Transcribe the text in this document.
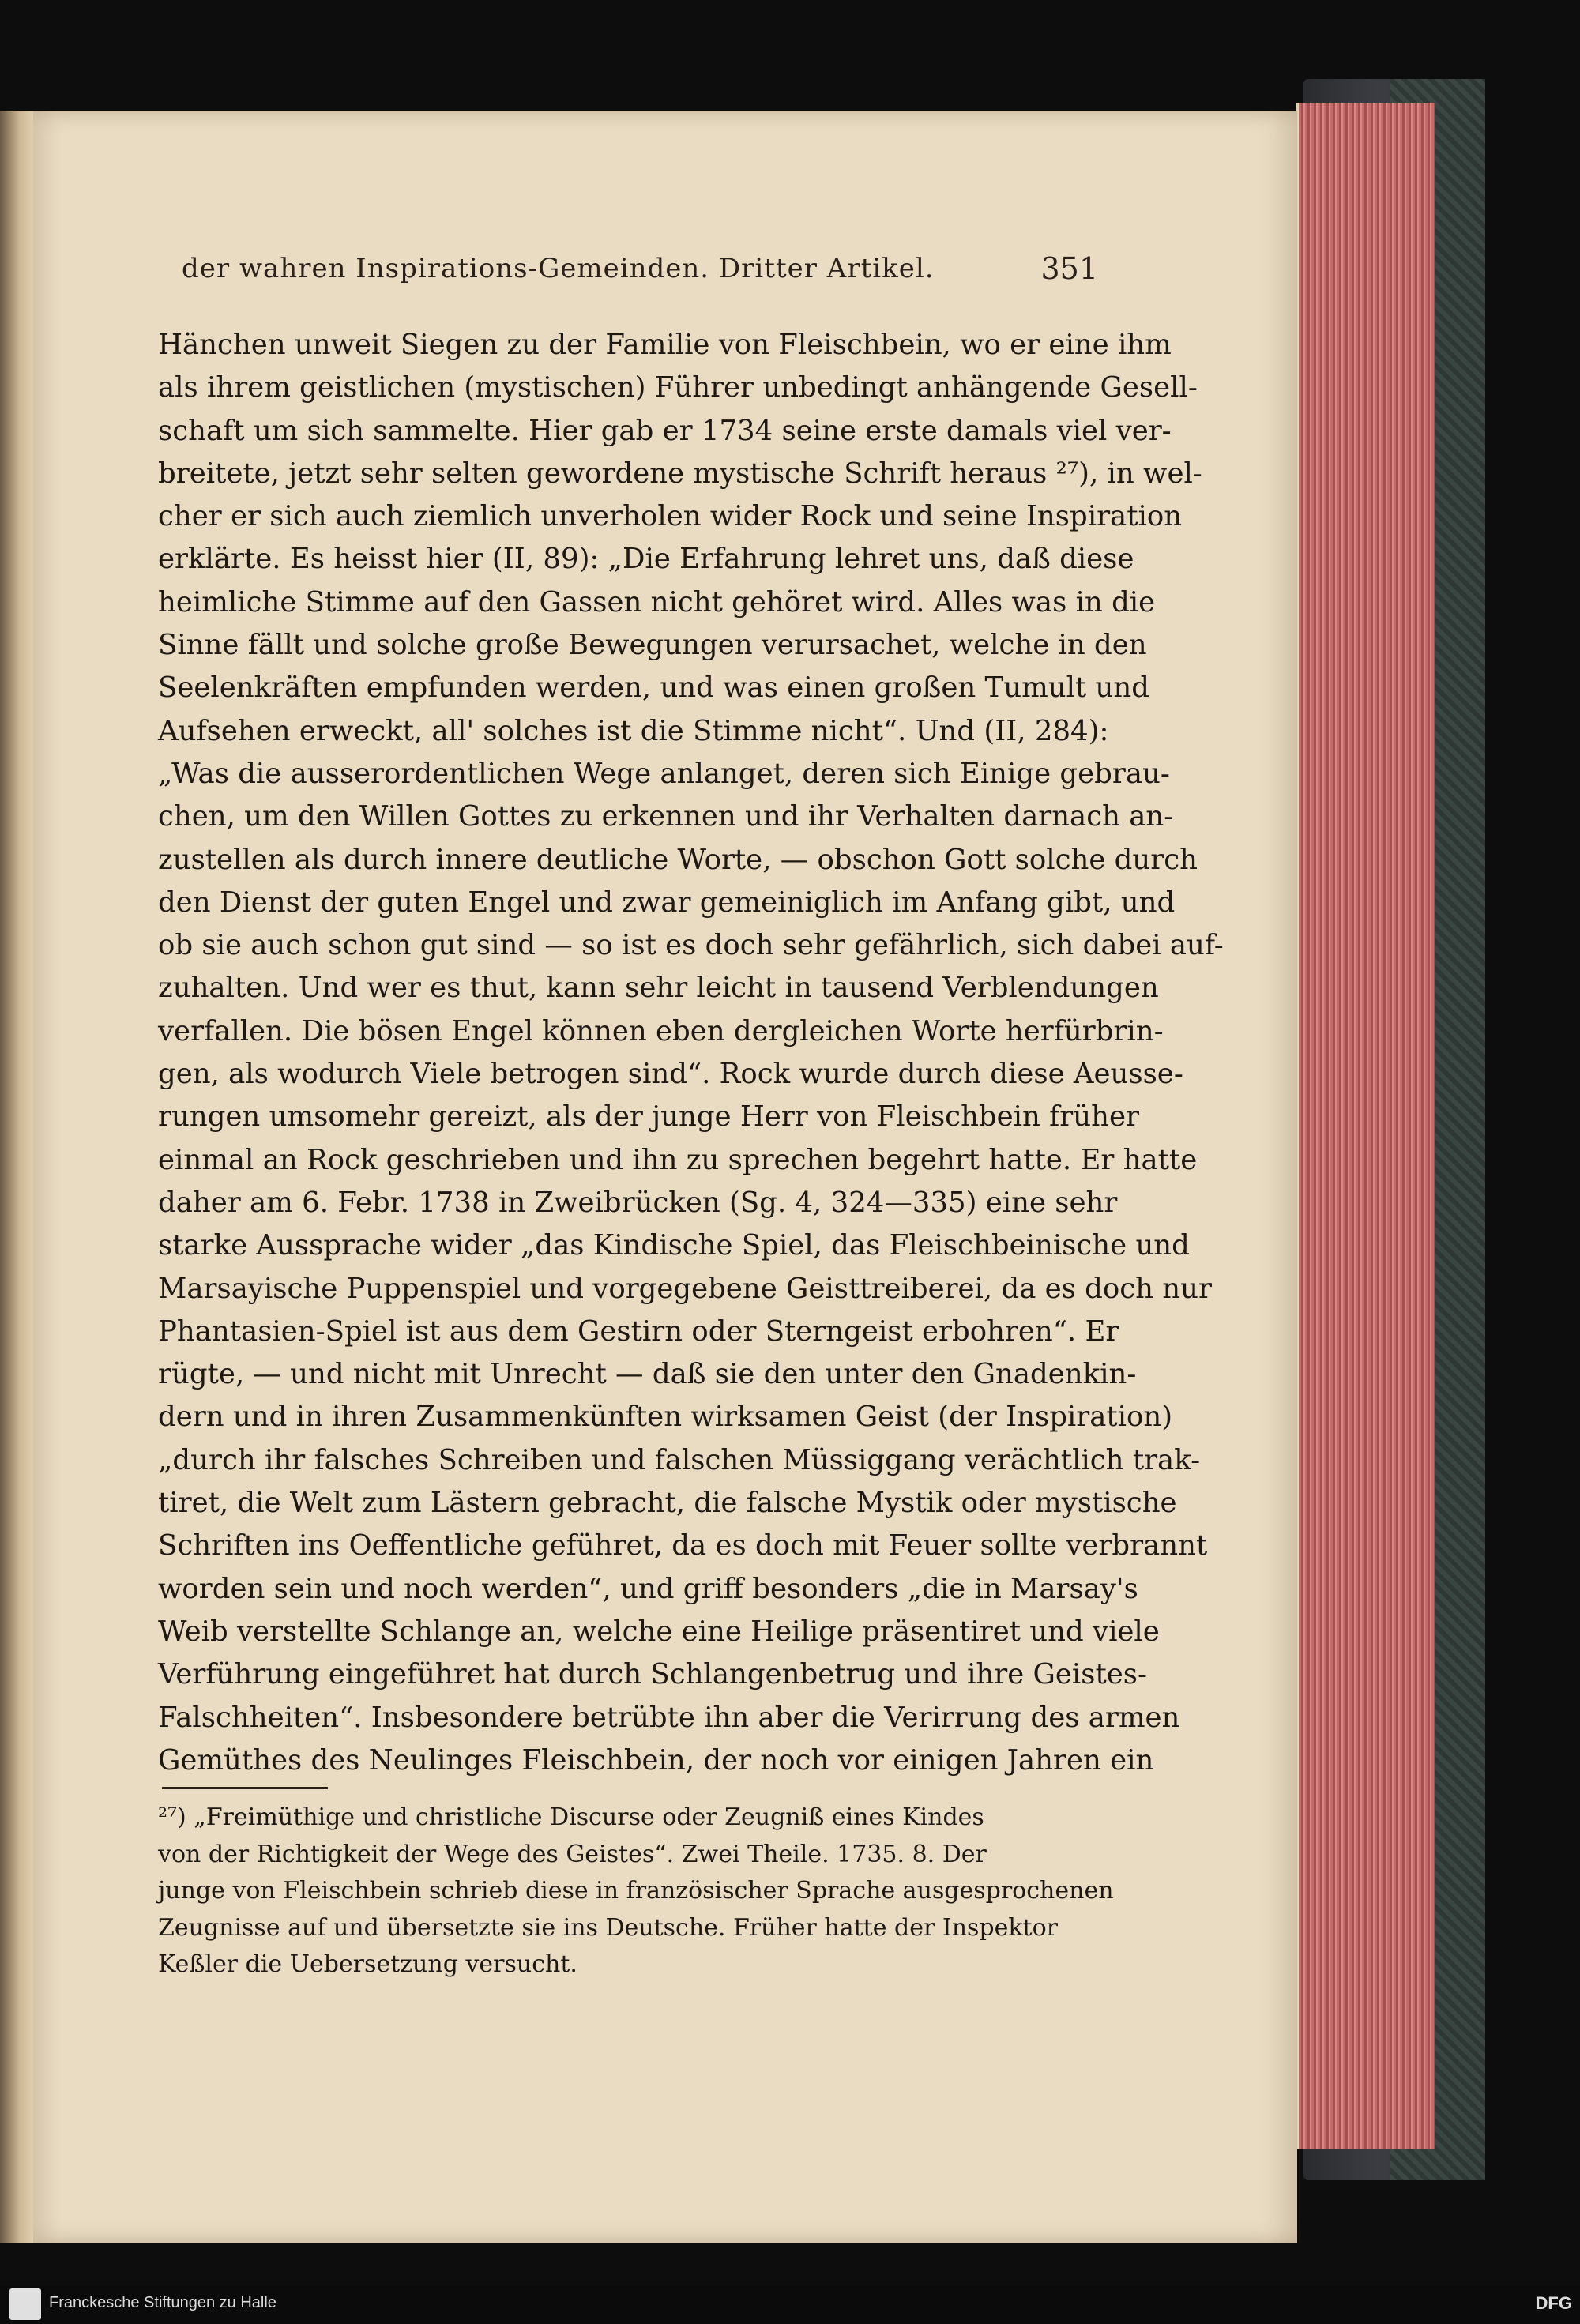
der wahren Inspirations-Gemeinden. Dritter Artikel.	351
Hänchen unweit Siegen zu der Familie von Fleischbein, wo er eine ihm
als ihrem geistlichen (mystischen) Führer unbedingt anhängende Gesell-
schaft um sich sammelte. Hier gab er 1734 seine erste damals viel ver-
breitete, jetzt sehr selten gewordene mystische Schrift heraus ²⁷), in wel-
cher er sich auch ziemlich unverholen wider Rock und seine Inspiration
erklärte. Es heisst hier (II, 89): „Die Erfahrung lehret uns, daß diese
heimliche Stimme auf den Gassen nicht gehöret wird. Alles was in die
Sinne fällt und solche große Bewegungen verursachet, welche in den
Seelenkräften empfunden werden, und was einen großen Tumult und
Aufsehen erweckt, all' solches ist die Stimme nicht“. Und (II, 284):
„Was die ausserordentlichen Wege anlanget, deren sich Einige gebrau-
chen, um den Willen Gottes zu erkennen und ihr Verhalten darnach an-
zustellen als durch innere deutliche Worte, — obschon Gott solche durch
den Dienst der guten Engel und zwar gemeiniglich im Anfang gibt, und
ob sie auch schon gut sind — so ist es doch sehr gefährlich, sich dabei auf-
zuhalten. Und wer es thut, kann sehr leicht in tausend Verblendungen
verfallen. Die bösen Engel können eben dergleichen Worte herfürbrin-
gen, als wodurch Viele betrogen sind“. Rock wurde durch diese Aeusse-
rungen umsomehr gereizt, als der junge Herr von Fleischbein früher
einmal an Rock geschrieben und ihn zu sprechen begehrt hatte. Er hatte
daher am 6. Febr. 1738 in Zweibrücken (Sg. 4, 324—335) eine sehr
starke Aussprache wider „das Kindische Spiel, das Fleischbeinische und
Marsayische Puppenspiel und vorgegebene Geisttreiberei, da es doch nur
Phantasien-Spiel ist aus dem Gestirn oder Sterngeist erbohren“. Er
rügte, — und nicht mit Unrecht — daß sie den unter den Gnadenkin-
dern und in ihren Zusammenkünften wirksamen Geist (der Inspiration)
„durch ihr falsches Schreiben und falschen Müssiggang verächtlich trak-
tiret, die Welt zum Lästern gebracht, die falsche Mystik oder mystische
Schriften ins Oeffentliche geführet, da es doch mit Feuer sollte verbrannt
worden sein und noch werden“, und griff besonders „die in Marsay's
Weib verstellte Schlange an, welche eine Heilige präsentiret und viele
Verführung eingeführet hat durch Schlangenbetrug und ihre Geistes-
Falschheiten“. Insbesondere betrübte ihn aber die Verirrung des armen
Gemüthes des Neulinges Fleischbein, der noch vor einigen Jahren ein
²⁷) „Freimüthige und christliche Discurse oder Zeugniß eines Kindes
von der Richtigkeit der Wege des Geistes“. Zwei Theile. 1735. 8. Der
junge von Fleischbein schrieb diese in französischer Sprache ausgesprochenen
Zeugnisse auf und übersetzte sie ins Deutsche. Früher hatte der Inspektor
Keßler die Uebersetzung versucht.
Franckesche Stiftungen zu Halle	DFG
